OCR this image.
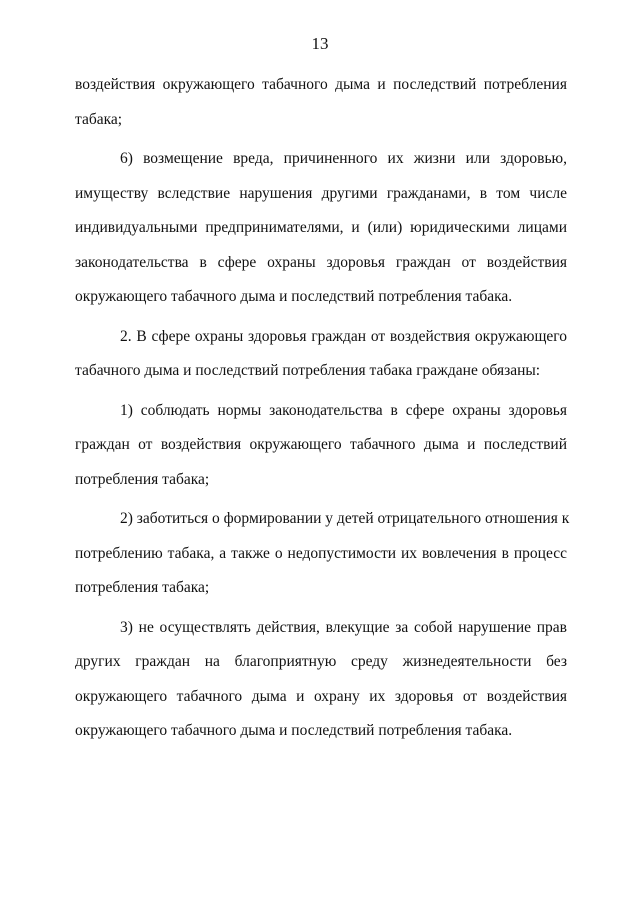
13

воздействия окружающего табачного дыма и последствий потребления
табака;

6) возмещение вреда, причиненного их жизни или здоровью,
имуществу вследствие нарушения другими гражданами, в том числе
индивидуальными предпринимателями, и (или) юридическими лицами
законодательства в сфере охраны здоровья граждан от воздействия
окружающего табачного дыма и последствий потребления табака.

2. В сфере охраны здоровья граждан от воздействия окружающего
табачного дыма и последствий потребления табака граждане обязаны:

1) соблюдать нормы законодательства в сфере охраны здоровья
граждан от воздействия окружающего табачного дыма и последствий
потребления табака;

2) заботиться о формировании у детей отрицательного отношения к
потреблению табака, а также о недопустимости их вовлечения в процесс
потребления табака;

3) не осуществлять действия, влекущие за собой нарушение прав
других граждан на благоприятную среду жизнедеятельности без
окружающего табачного дыма и охрану их здоровья от воздействия
окружающего табачного дыма и последствий потребления табака.
